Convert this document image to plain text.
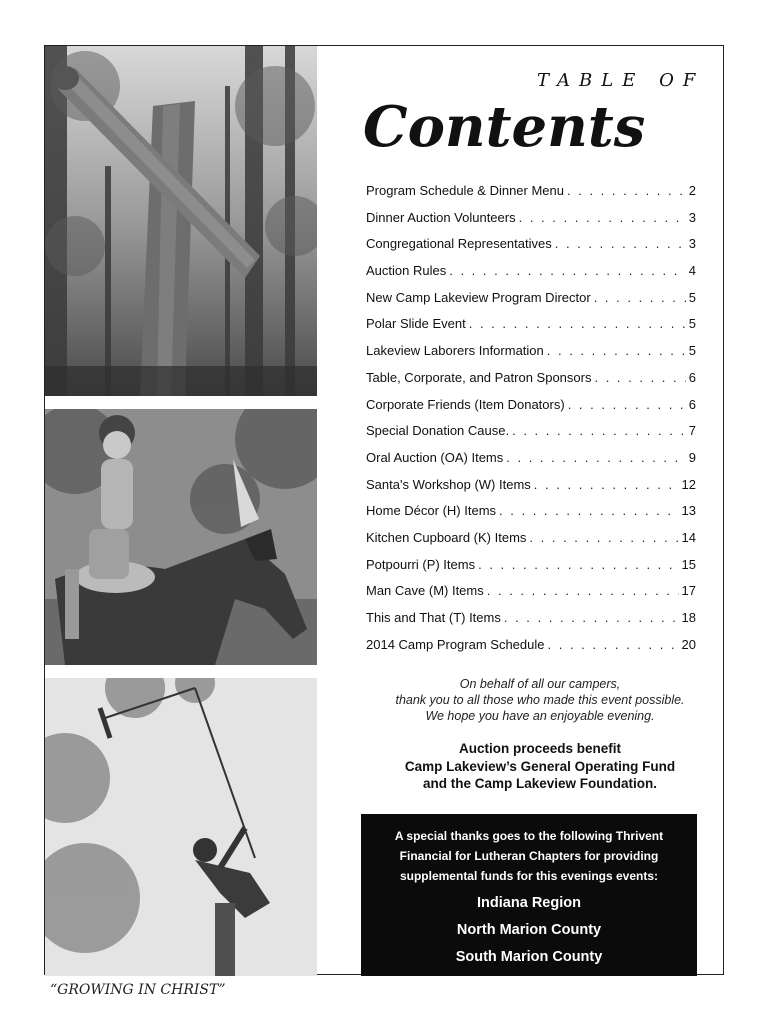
TABLE OF
Contents
Program Schedule & Dinner Menu . . .	2
Dinner Auction Volunteers . . .	3
Congregational Representatives . . .	3
Auction Rules . . .	4
New Camp Lakeview Program Director . . .	5
Polar Slide Event . . .	5
Lakeview Laborers Information . . .	5
Table, Corporate, and Patron Sponsors . . .	6
Corporate Friends (Item Donators) . . .	6
Special Donation Cause. . . .	7
Oral Auction (OA) Items . . .	9
Santa's Workshop (W) Items . . .	12
Home Décor (H) Items . . .	13
Kitchen Cupboard (K) Items . . .	14
Potpourri (P) Items . . .	15
Man Cave (M) Items . . .	17
This and That (T) Items . . .	18
2014 Camp Program Schedule . . .	20
On behalf of all our campers,
thank you to all those who made this event possible.
We hope you have an enjoyable evening.
Auction proceeds benefit
Camp Lakeview’s General Operating Fund
and the Camp Lakeview Foundation.
A special thanks goes to the following Thrivent
Financial for Lutheran Chapters for providing
supplemental funds for this evenings events:
Indiana Region
North Marion County
South Marion County
“GROWING IN CHRIST”
